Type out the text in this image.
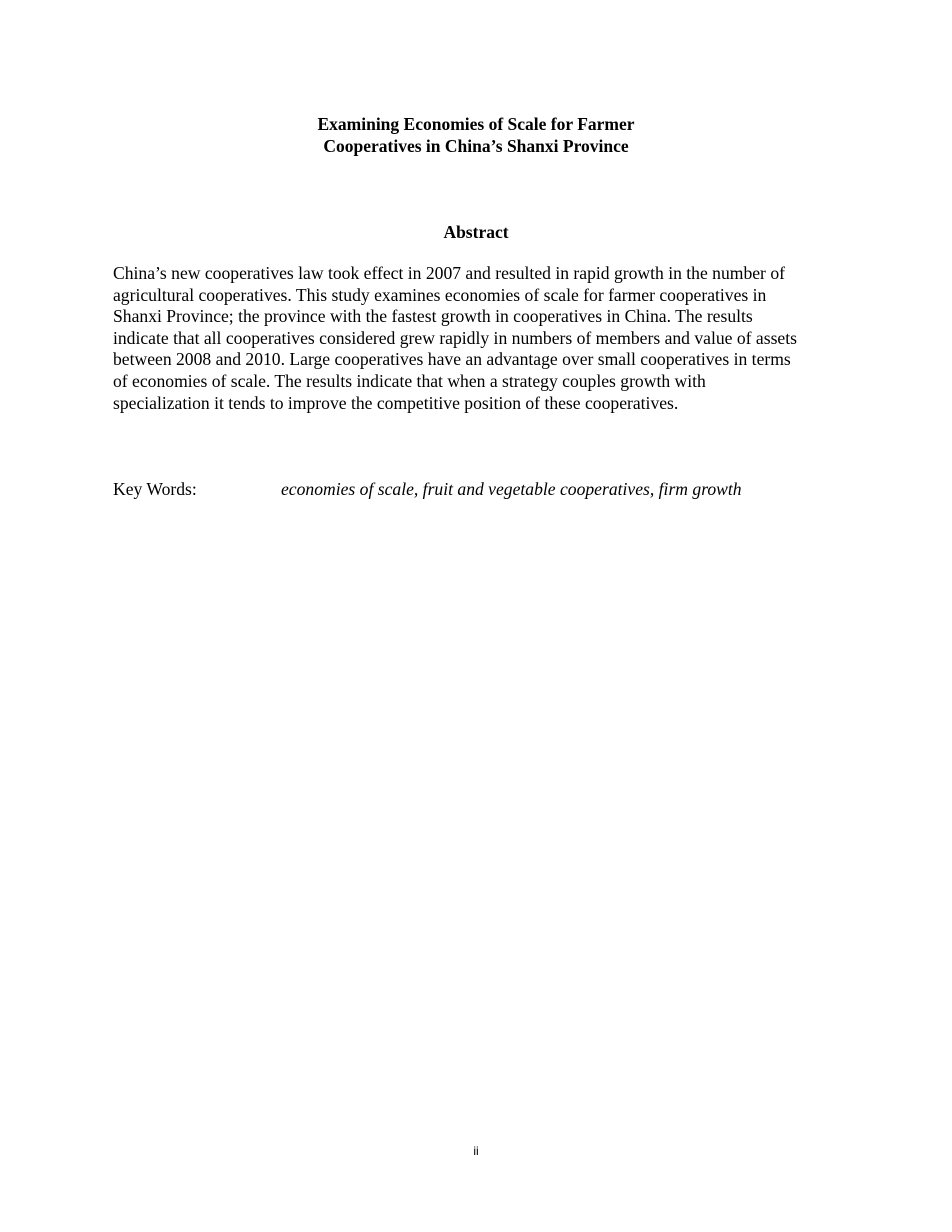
Examining Economies of Scale for Farmer
Cooperatives in China’s Shanxi Province
Abstract

China’s new cooperatives law took effect in 2007 and resulted in rapid growth in the number of
agricultural cooperatives. This study examines economies of scale for farmer cooperatives in
Shanxi Province; the province with the fastest growth in cooperatives in China. The results
indicate that all cooperatives considered grew rapidly in numbers of members and value of assets
between 2008 and 2010. Large cooperatives have an advantage over small cooperatives in terms
of economies of scale. The results indicate that when a strategy couples growth with
specialization it tends to improve the competitive position of these cooperatives.

Key Words:	economies of scale, fruit and vegetable cooperatives, firm growth
ii
